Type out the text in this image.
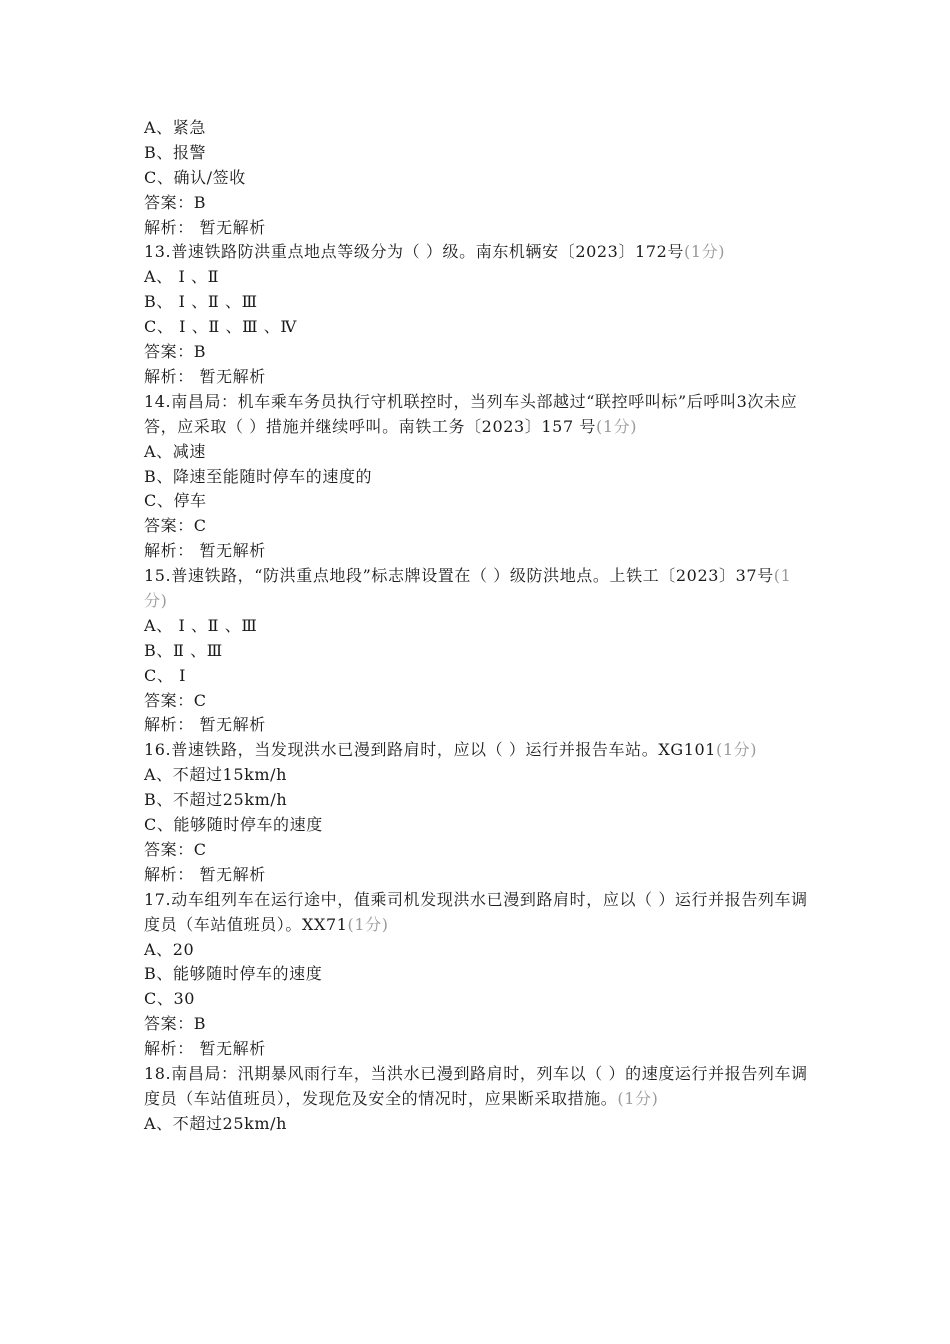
A、紧急
B、报警
C、确认/签收
答案：B
解析： 暂无解析
13.普速铁路防洪重点地点等级分为（ ）级。南东机辆安〔2023〕172号(1分)
A、 Ⅰ 、Ⅱ
B、 Ⅰ 、Ⅱ 、Ⅲ
C、 Ⅰ 、Ⅱ 、Ⅲ 、Ⅳ
答案：B
解析： 暂无解析
14.南昌局：机车乘车务员执行守机联控时，当列车头部越过“联控呼叫标”后呼叫3次未应答，应采取（ ）措施并继续呼叫。南铁工务〔2023〕157 号(1分)
A、减速
B、降速至能随时停车的速度的
C、停车
答案：C
解析： 暂无解析
15.普速铁路，“防洪重点地段”标志牌设置在（ ）级防洪地点。上铁工〔2023〕37号(1分)
A、 Ⅰ 、Ⅱ 、Ⅲ
B、Ⅱ 、Ⅲ
C、 Ⅰ
答案：C
解析： 暂无解析
16.普速铁路，当发现洪水已漫到路肩时，应以（ ）运行并报告车站。XG101(1分)
A、不超过15km/h
B、不超过25km/h
C、能够随时停车的速度
答案：C
解析： 暂无解析
17.动车组列车在运行途中，值乘司机发现洪水已漫到路肩时，应以（ ）运行并报告列车调度员（车站值班员）。XX71(1分)
A、20
B、能够随时停车的速度
C、30
答案：B
解析： 暂无解析
18.南昌局：汛期暴风雨行车，当洪水已漫到路肩时，列车以（ ）的速度运行并报告列车调度员（车站值班员），发现危及安全的情况时，应果断采取措施。(1分)
A、不超过25km/h
